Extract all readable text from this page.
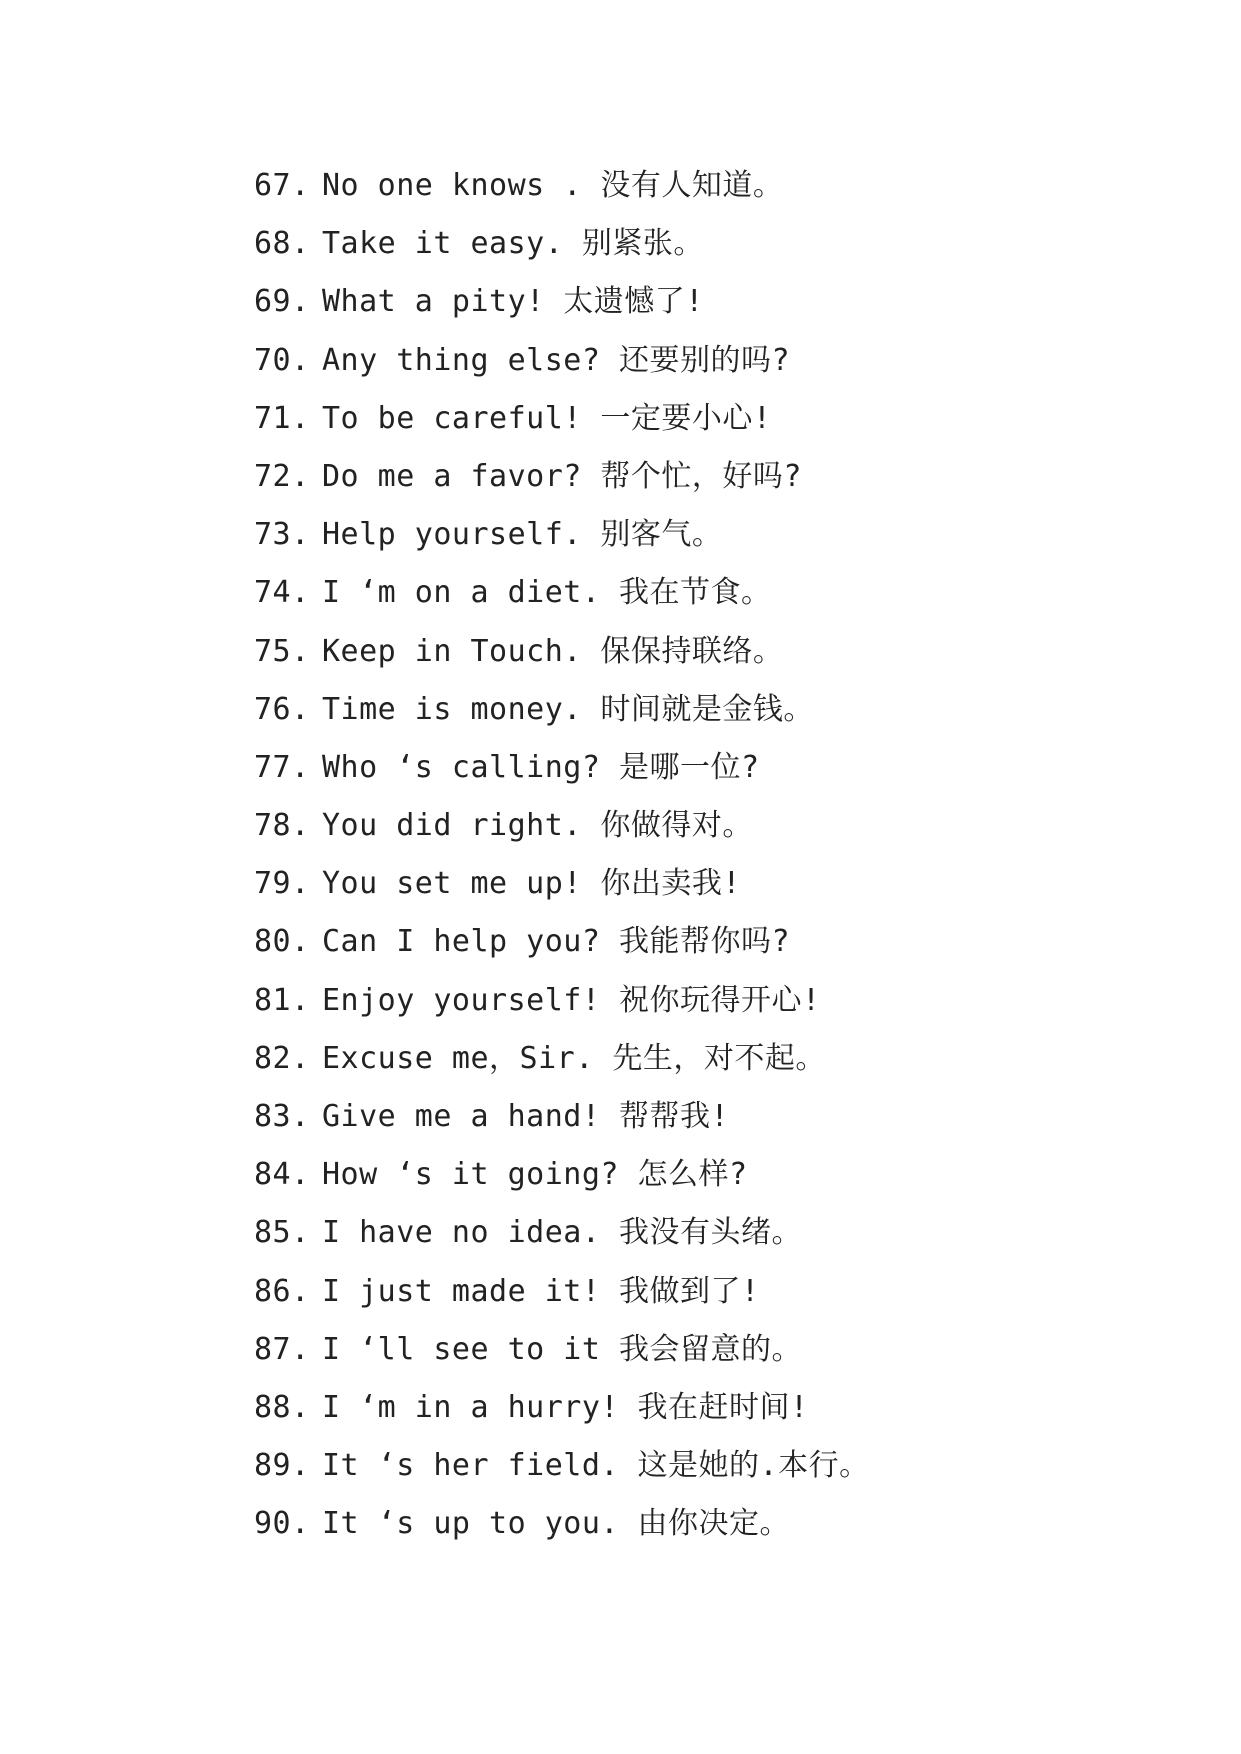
67. No one knows . 没有人知道。
68. Take it easy. 别紧张。
69. What a pity! 太遗憾了!
70. Any thing else? 还要别的吗?
71. To be careful! 一定要小心!
72. Do me a favor? 帮个忙，好吗?
73. Help yourself. 别客气。
74. I ‘m on a diet. 我在节食。
75. Keep in Touch. 保保持联络。
76. Time is money. 时间就是金钱。
77. Who ‘s calling? 是哪一位?
78. You did right. 你做得对。
79. You set me up! 你出卖我!
80. Can I help you? 我能帮你吗?
81. Enjoy yourself! 祝你玩得开心!
82. Excuse me，Sir. 先生，对不起。
83. Give me a hand! 帮帮我!
84. How ‘s it going? 怎么样?
85. I have no idea. 我没有头绪。
86. I just made it! 我做到了!
87. I ‘ll see to it 我会留意的。
88. I ‘m in a hurry! 我在赶时间!
89. It ‘s her field. 这是她的.本行。
90. It ‘s up to you. 由你决定。
